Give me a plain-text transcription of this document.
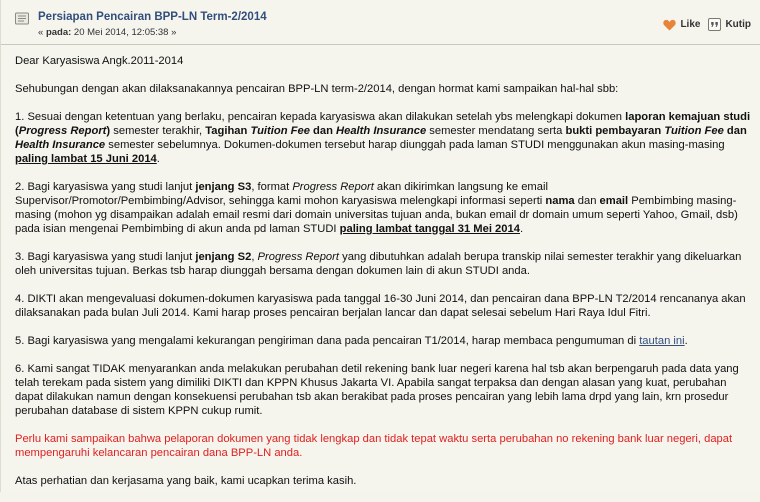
Persiapan Pencairan BPP-LN Term-2/2014
« pada: 20 Mei 2014, 12:05:38 »
Like	Kutip

Dear Karyasiswa Angk.2011-2014

Sehubungan dengan akan dilaksanakannya pencairan BPP-LN term-2/2014, dengan hormat kami sampaikan hal-hal sbb:

1. Sesuai dengan ketentuan yang berlaku, pencairan kepada karyasiswa akan dilakukan setelah ybs melengkapi dokumen laporan kemajuan studi (Progress Report) semester terakhir, Tagihan Tuition Fee dan Health Insurance semester mendatang serta bukti pembayaran Tuition Fee dan Health Insurance semester sebelumnya. Dokumen-dokumen tersebut harap diunggah pada laman STUDI menggunakan akun masing-masing paling lambat 15 Juni 2014.

2. Bagi karyasiswa yang studi lanjut jenjang S3, format Progress Report akan dikirimkan langsung ke email Supervisor/Promotor/Pembimbing/Advisor, sehingga kami mohon karyasiswa melengkapi informasi seperti nama dan email Pembimbing masing-masing (mohon yg disampaikan adalah email resmi dari domain universitas tujuan anda, bukan email dr domain umum seperti Yahoo, Gmail, dsb) pada isian mengenai Pembimbing di akun anda pd laman STUDI paling lambat tanggal 31 Mei 2014.

3. Bagi karyasiswa yang studi lanjut jenjang S2, Progress Report yang dibutuhkan adalah berupa transkip nilai semester terakhir yang dikeluarkan oleh universitas tujuan. Berkas tsb harap diunggah bersama dengan dokumen lain di akun STUDI anda.

4. DIKTI akan mengevaluasi dokumen-dokumen karyasiswa pada tanggal 16-30 Juni 2014, dan pencairan dana BPP-LN T2/2014 rencananya akan dilaksanakan pada bulan Juli 2014. Kami harap proses pencairan berjalan lancar dan dapat selesai sebelum Hari Raya Idul Fitri.

5. Bagi karyasiswa yang mengalami kekurangan pengiriman dana pada pencairan T1/2014, harap membaca pengumuman di tautan ini.

6. Kami sangat TIDAK menyarankan anda melakukan perubahan detil rekening bank luar negeri karena hal tsb akan berpengaruh pada data yang telah terekam pada sistem yang dimiliki DIKTI dan KPPN Khusus Jakarta VI. Apabila sangat terpaksa dan dengan alasan yang kuat, perubahan dapat dilakukan namun dengan konsekuensi perubahan tsb akan berakibat pada proses pencairan yang lebih lama drpd yang lain, krn prosedur perubahan database di sistem KPPN cukup rumit.

Perlu kami sampaikan bahwa pelaporan dokumen yang tidak lengkap dan tidak tepat waktu serta perubahan no rekening bank luar negeri, dapat mempengaruhi kelancaran pencairan dana BPP-LN anda.

Atas perhatian dan kerjasama yang baik, kami ucapkan terima kasih.
